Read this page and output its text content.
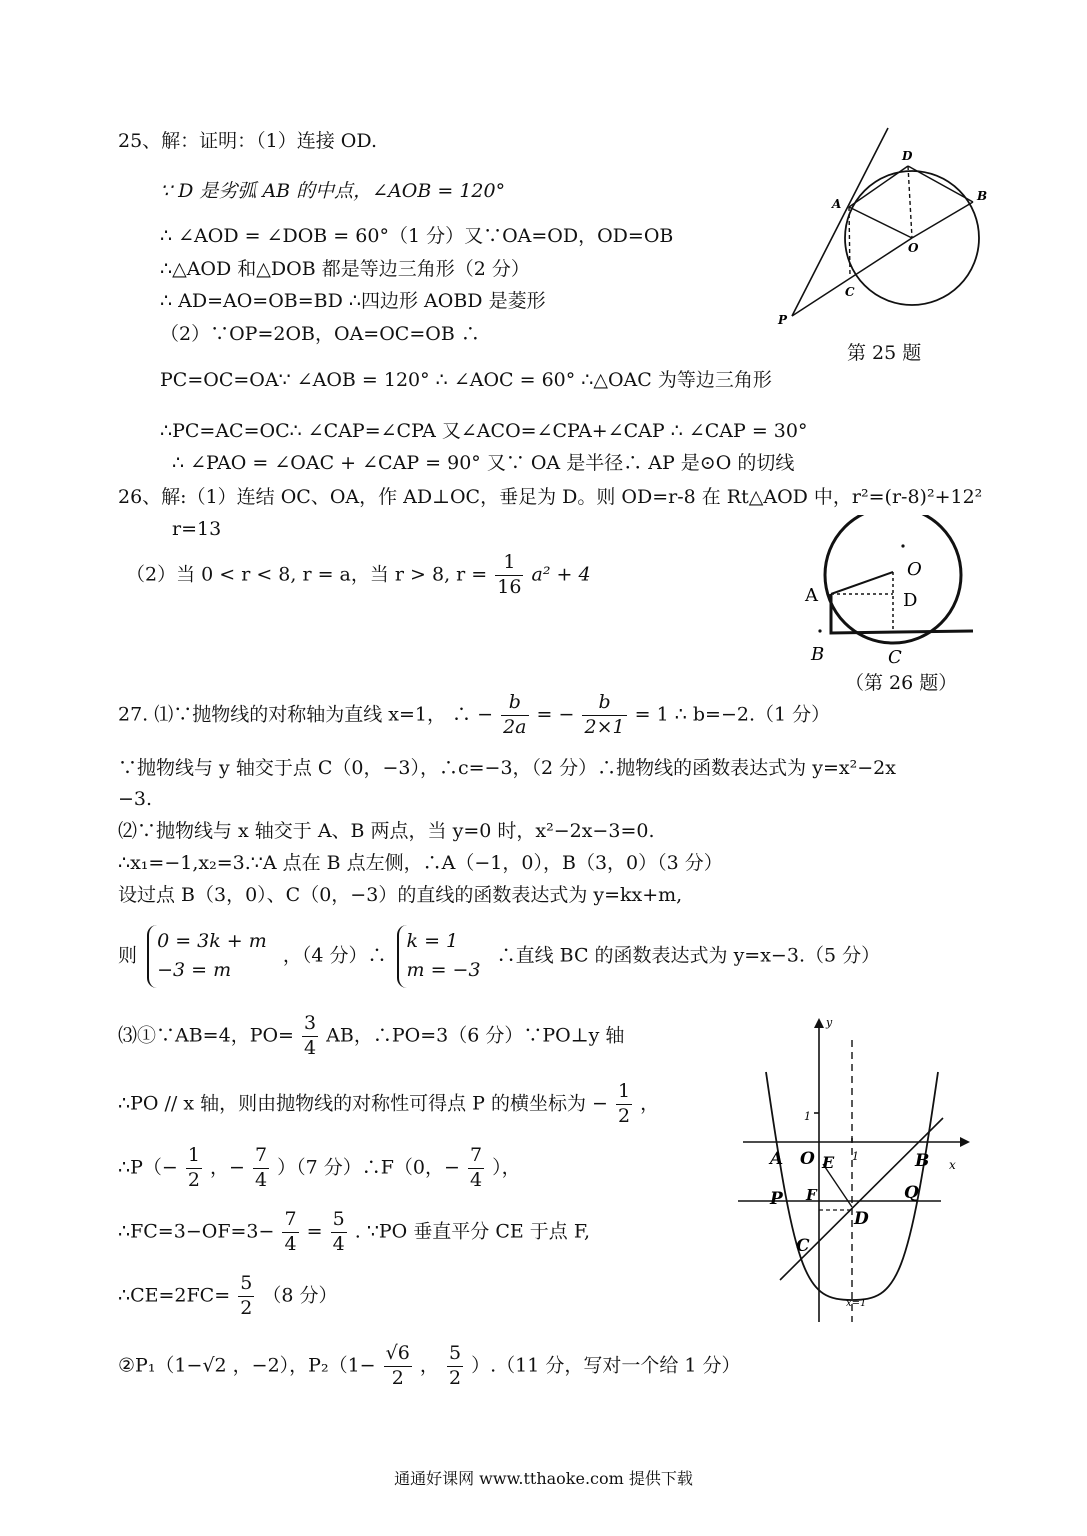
25、解：证明：（1）连接 OD.
∵ D 是劣弧 AB 的中点，∠AOB = 120°
∴ ∠AOD = ∠DOB = 60°（1 分）又∵OA=OD，OD=OB
∴△AOD 和△DOB 都是等边三角形（2 分）
∴ AD=AO=OB=BD ∴四边形 AOBD 是菱形
（2）∵OP=2OB，OA=OC=OB ∴
PC=OC=OA∵ ∠AOB = 120° ∴ ∠AOC = 60° ∴△OAC 为等边三角形
∴PC=AC=OC∴ ∠CAP=∠CPA 又∠ACO=∠CPA+∠CAP ∴ ∠CAP = 30°
∴ ∠PAO = ∠OAC + ∠CAP = 90° 又∵ OA 是半径∴ AP 是⊙O 的切线
D
B
A
O
C
P
第 25 题
26、解:（1）连结 OC、OA，作 AD⊥OC，垂足为 D。则 OD=r-8 在 Rt△AOD 中，r²=(r-8)²+12²
r=13
（2）当 0 < r < 8, r = a，当 r > 8, $r = \frac{1}{16} a^2 + 4$	O
A	D
B	C
（第 26 题）
27. ⑴∵抛物线的对称轴为直线 x=1， ∴ − $\frac{b}{2a}$ = − $\frac{b}{2\times 1} = 1$ ∴ b=−2.（1 分）
∵抛物线与 y 轴交于点 C（0，−3），∴c=−3，（2 分）∴抛物线的函数表达式为 y=x²−2x
−3.
⑵∵抛物线与 x 轴交于 A、B 两点，当 y=0 时，x²−2x−3=0.
∴x₁=−1,x₂=3.∵A 点在 B 点左侧，∴A（−1，0），B（3，0）（3 分）
设过点 B（3，0）、C（0，−3）的直线的函数表达式为 y=kx+m,
则
0 = 3k + m
−3 = m
，（4 分）∴
k = 1
m = −3
∴直线 BC 的函数表达式为 y=x−3.（5 分）
⑶①∵AB=4，$PO= \frac{3}{4}$ AB，∴PO=3（6 分）∵PO⊥y 轴
∴PO // x 轴，则由抛物线的对称性可得点 P 的横坐标为 − $\frac{1}{2}$ ，
∴P（− $\frac{1}{2}$ ，− $\frac{7}{4} )(7$ 分）∴F（0，− $\frac{7}{4}$ ），
∴FC=3−OF=3− $\frac{7}{4} = \frac{5}{4}$ . ∵PO 垂直平分 CE 于点 F,
∴CE=2FC= $\frac{5}{2} (8$ 分）
②P₁（1−√2 ，−2），$P_2(1- \frac{√6}{2}$ ， $\frac{5}{2} ).(11$ 分，写对一个给 1 分）
y
x
A O E 1
1
B
P F	Q
D
C
x=1
通通好课网 www.tthaoke.com 提供下载
